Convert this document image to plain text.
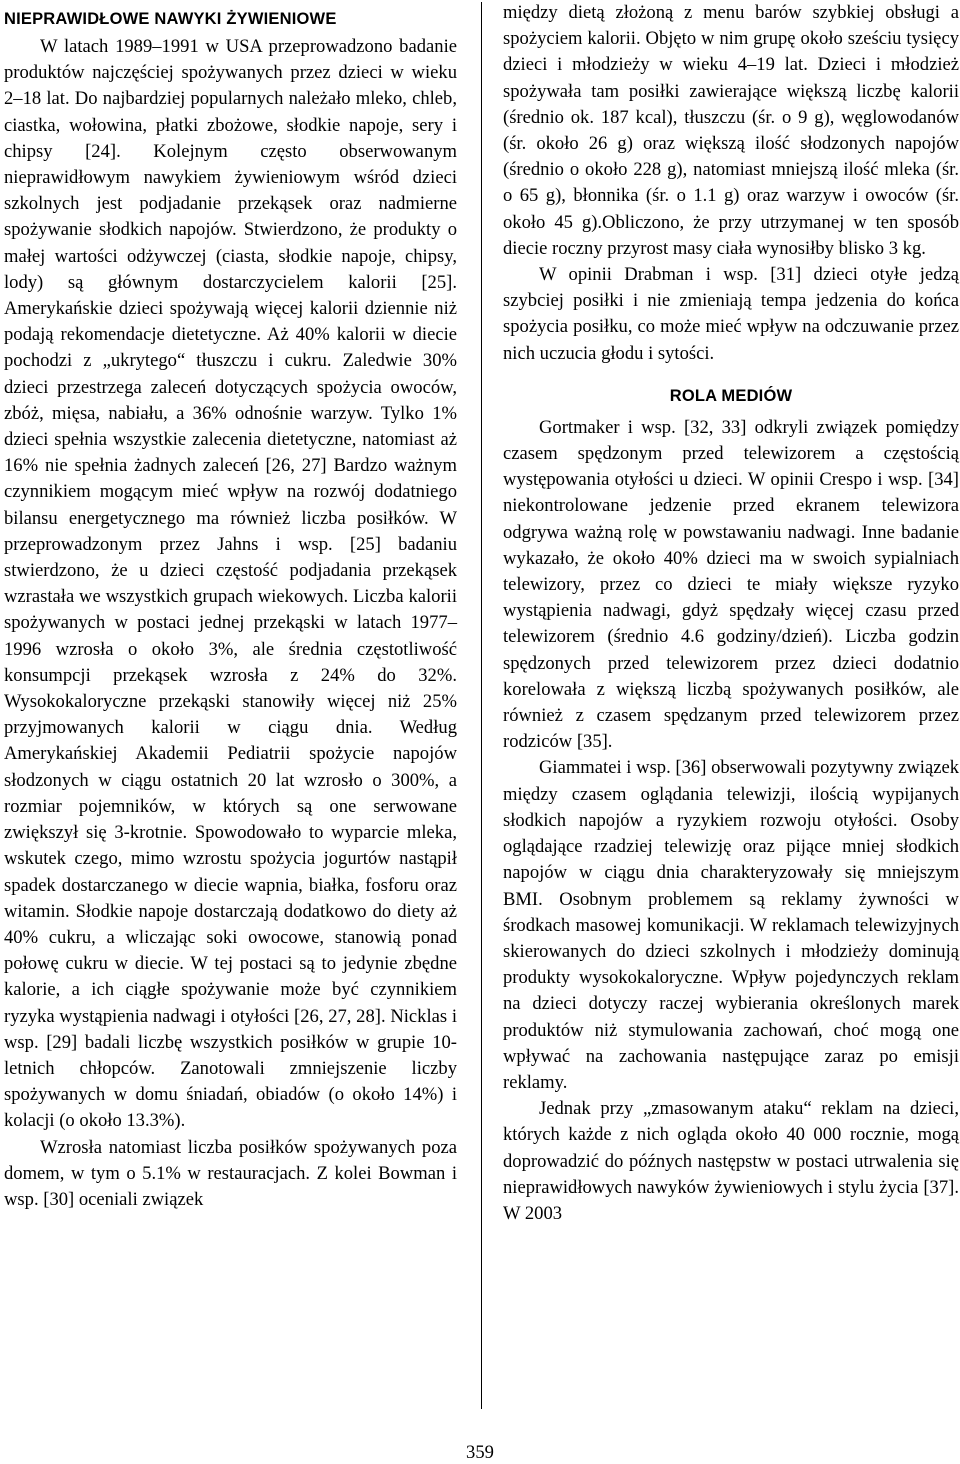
NIEPRAWIDŁOWE NAWYKI ŻYWIENIOWE

W latach 1989–1991 w USA przeprowadzono badanie produktów najczęściej spożywanych przez dzieci w wieku 2–18 lat. Do najbardziej popularnych należało mleko, chleb, ciastka, wołowina, płatki zbożowe, słodkie napoje, sery i chipsy [24]. Kolejnym często obserwowanym nieprawidłowym nawykiem żywieniowym wśród dzieci szkolnych jest podjadanie przekąsek oraz nadmierne spożywanie słodkich napojów. Stwierdzono, że produkty o małej wartości odżywczej (ciasta, słodkie napoje, chipsy, lody) są głównym dostarczycielem kalorii [25]. Amerykańskie dzieci spożywają więcej kalorii dziennie niż podają rekomendacje dietetyczne. Aż 40% kalorii w diecie pochodzi z „ukrytego“ tłuszczu i cukru. Zaledwie 30% dzieci przestrzega zaleceń dotyczących spożycia owoców, zbóż, mięsa, nabiału, a 36% odnośnie warzyw. Tylko 1% dzieci spełnia wszystkie zalecenia dietetyczne, natomiast aż 16% nie spełnia żadnych zaleceń [26, 27] Bardzo ważnym czynnikiem mogącym mieć wpływ na rozwój dodatniego bilansu energetycznego ma również liczba posiłków. W przeprowadzonym przez Jahns i wsp. [25] badaniu stwierdzono, że u dzieci częstość podjadania przekąsek wzrastała we wszystkich grupach wiekowych. Liczba kalorii spożywanych w postaci jednej przekąski w latach 1977–1996 wzrosła o około 3%, ale średnia częstotliwość konsumpcji przekąsek wzrosła z 24% do 32%. Wysokokaloryczne przekąski stanowiły więcej niż 25% przyjmowanych kalorii w ciągu dnia. Według Amerykańskiej Akademii Pediatrii spożycie napojów słodzonych w ciągu ostatnich 20 lat wzrosło o 300%, a rozmiar pojemników, w których są one serwowane zwiększył się 3-krotnie. Spowodowało to wyparcie mleka, wskutek czego, mimo wzrostu spożycia jogurtów nastąpił spadek dostarczanego w diecie wapnia, białka, fosforu oraz witamin. Słodkie napoje dostarczają dodatkowo do diety aż 40% cukru, a wliczając soki owocowe, stanowią ponad połowę cukru w diecie. W tej postaci są to jedynie zbędne kalorie, a ich ciągłe spożywanie może być czynnikiem ryzyka wystąpienia nadwagi i otyłości [26, 27, 28]. Nicklas i wsp. [29] badali liczbę wszystkich posiłków w grupie 10-letnich chłopców. Zanotowali zmniejszenie liczby spożywanych w domu śniadań, obiadów (o około 14%) i kolacji (o około 13.3%).

Wzrosła natomiast liczba posiłków spożywanych poza domem, w tym o 5.1% w restauracjach. Z kolei Bowman i wsp. [30] oceniali związek

między dietą złożoną z menu barów szybkiej obsługi a spożyciem kalorii. Objęto w nim grupę około sześciu tysięcy dzieci i młodzieży w wieku 4–19 lat. Dzieci i młodzież spożywała tam posiłki zawierające większą liczbę kalorii (średnio ok. 187 kcal), tłuszczu (śr. o 9 g), węglowodanów (śr. około 26 g) oraz większą ilość słodzonych napojów (średnio o około 228 g), natomiast mniejszą ilość mleka (śr. o 65 g), błonnika (śr. o 1.1 g) oraz warzyw i owoców (śr. około 45 g).Obliczono, że przy utrzymanej w ten sposób diecie roczny przyrost masy ciała wynosiłby blisko 3 kg.

W opinii Drabman i wsp. [31] dzieci otyłe jedzą szybciej posiłki i nie zmieniają tempa jedzenia do końca spożycia posiłku, co może mieć wpływ na odczuwanie przez nich uczucia głodu i sytości.

ROLA MEDIÓW

Gortmaker i wsp. [32, 33] odkryli związek pomiędzy czasem spędzonym przed telewizorem a częstością występowania otyłości u dzieci. W opinii Crespo i wsp. [34] niekontrolowane jedzenie przed ekranem telewizora odgrywa ważną rolę w powstawaniu nadwagi. Inne badanie wykazało, że około 40% dzieci ma w swoich sypialniach telewizory, przez co dzieci te miały większe ryzyko wystąpienia nadwagi, gdyż spędzały więcej czasu przed telewizorem (średnio 4.6 godziny/dzień). Liczba godzin spędzonych przed telewizorem przez dzieci dodatnio korelowała z większą liczbą spożywanych posiłków, ale również z czasem spędzanym przed telewizorem przez rodziców [35].

Giammatei i wsp. [36] obserwowali pozytywny związek między czasem oglądania telewizji, ilością wypijanych słodkich napojów a ryzykiem rozwoju otyłości. Osoby oglądające rzadziej telewizję oraz pijące mniej słodkich napojów w ciągu dnia charakteryzowały się mniejszym BMI. Osobnym problemem są reklamy żywności w środkach masowej komunikacji. W reklamach telewizyjnych skierowanych do dzieci szkolnych i młodzieży dominują produkty wysokokaloryczne. Wpływ pojedynczych reklam na dzieci dotyczy raczej wybierania określonych marek produktów niż stymulowania zachowań, choć mogą one wpływać na zachowania następujące zaraz po emisji reklamy.

Jednak przy „zmasowanym ataku“ reklam na dzieci, których każde z nich ogląda około 40 000 rocznie, mogą doprowadzić do późnych następstw w postaci utrwalenia się nieprawidłowych nawyków żywieniowych i stylu życia [37]. W 2003

359
